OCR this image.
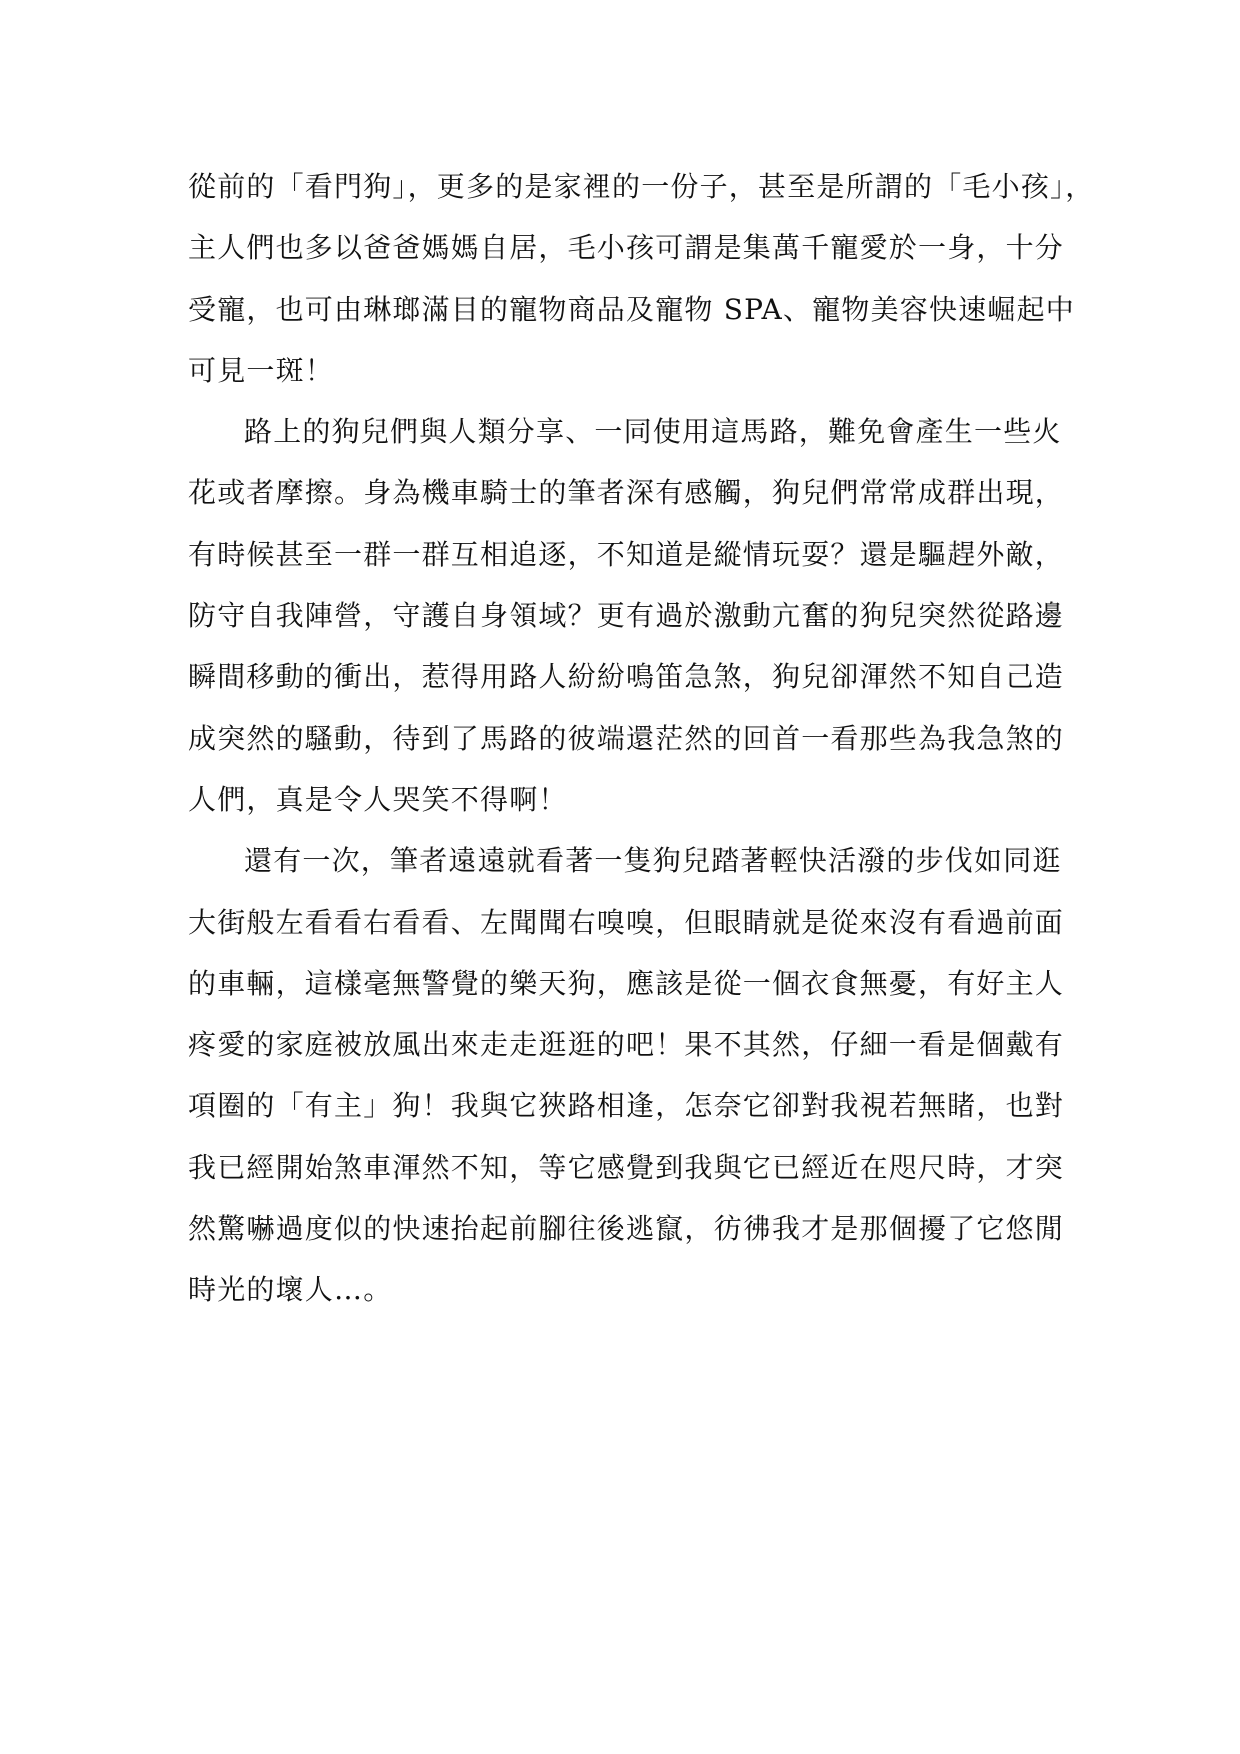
從前的「看門狗」，更多的是家裡的一份子，甚至是所謂的「毛小孩」，
主人們也多以爸爸媽媽自居，毛小孩可謂是集萬千寵愛於一身，十分
受寵，也可由琳瑯滿目的寵物商品及寵物 SPA、寵物美容快速崛起中
可見一斑！
路上的狗兒們與人類分享、一同使用這馬路，難免會產生一些火
花或者摩擦。身為機車騎士的筆者深有感觸，狗兒們常常成群出現，
有時候甚至一群一群互相追逐，不知道是縱情玩耍？還是驅趕外敵，
防守自我陣營，守護自身領域？更有過於激動亢奮的狗兒突然從路邊
瞬間移動的衝出，惹得用路人紛紛鳴笛急煞，狗兒卻渾然不知自己造
成突然的騷動，待到了馬路的彼端還茫然的回首一看那些為我急煞的
人們，真是令人哭笑不得啊！
還有一次，筆者遠遠就看著一隻狗兒踏著輕快活潑的步伐如同逛
大街般左看看右看看、左聞聞右嗅嗅，但眼睛就是從來沒有看過前面
的車輛，這樣毫無警覺的樂天狗，應該是從一個衣食無憂，有好主人
疼愛的家庭被放風出來走走逛逛的吧！果不其然，仔細一看是個戴有
項圈的「有主」狗！我與它狹路相逢，怎奈它卻對我視若無睹，也對
我已經開始煞車渾然不知，等它感覺到我與它已經近在咫尺時，才突
然驚嚇過度似的快速抬起前腳往後逃竄，彷彿我才是那個擾了它悠閒
時光的壞人…。
